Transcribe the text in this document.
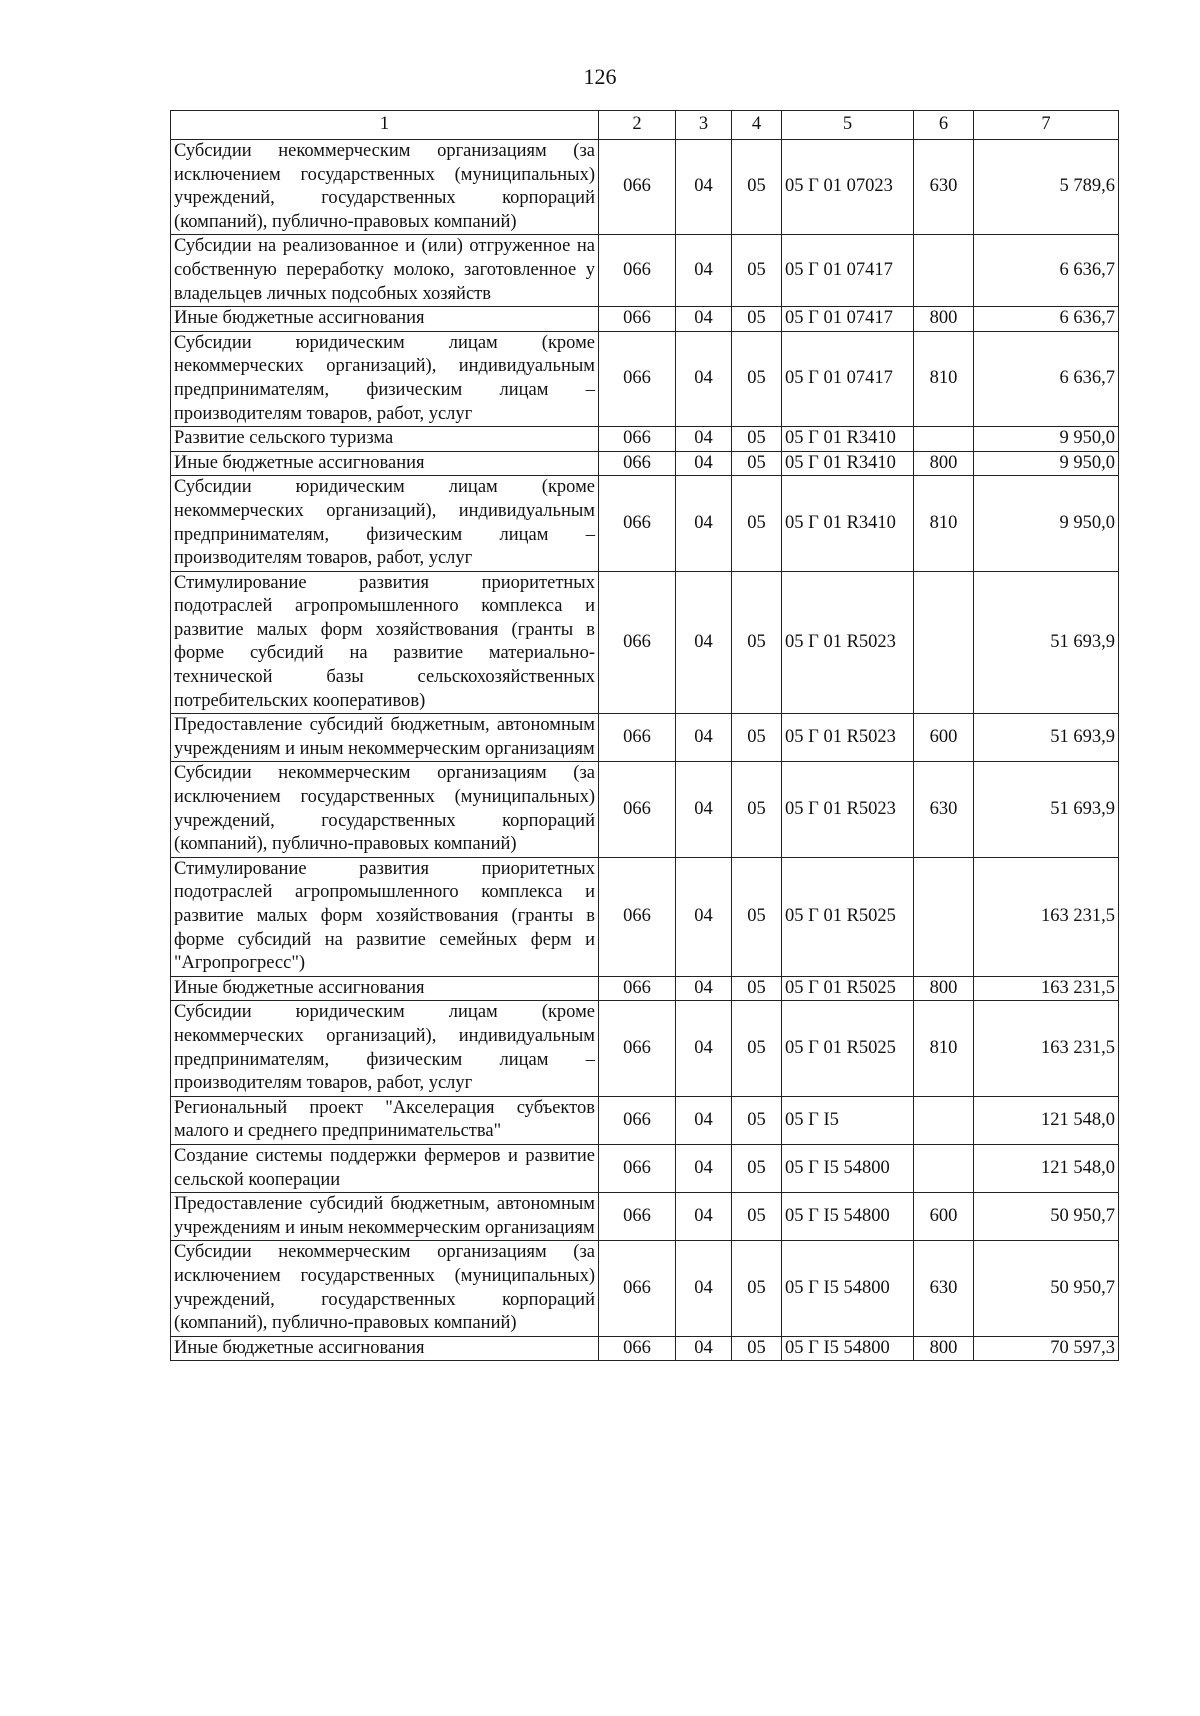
126
1	2	3	4	5	6	7
Субсидии некоммерческим организациям (за исключением государственных (муниципальных) учреждений, государственных корпораций (компаний), публично-правовых компаний)	066	04	05	05 Г 01 07023	630	5 789,6
Субсидии на реализованное и (или) отгруженное на собственную переработку молоко, заготовленное у владельцев личных подсобных хозяйств	066	04	05	05 Г 01 07417		6 636,7
Иные бюджетные ассигнования	066	04	05	05 Г 01 07417	800	6 636,7
Субсидии юридическим лицам (кроме некоммерческих организаций), индивидуальным предпринимателям, физическим лицам – производителям товаров, работ, услуг	066	04	05	05 Г 01 07417	810	6 636,7
Развитие сельского туризма	066	04	05	05 Г 01 R3410		9 950,0
Иные бюджетные ассигнования	066	04	05	05 Г 01 R3410	800	9 950,0
Субсидии юридическим лицам (кроме некоммерческих организаций), индивидуальным предпринимателям, физическим лицам – производителям товаров, работ, услуг	066	04	05	05 Г 01 R3410	810	9 950,0
Стимулирование развития приоритетных подотраслей агропромышленного комплекса и развитие малых форм хозяйствования (гранты в форме субсидий на развитие материально-технической базы сельскохозяйственных потребительских кооперативов)	066	04	05	05 Г 01 R5023		51 693,9
Предоставление субсидий бюджетным, автономным учреждениям и иным некоммерческим организациям	066	04	05	05 Г 01 R5023	600	51 693,9
Субсидии некоммерческим организациям (за исключением государственных (муниципальных) учреждений, государственных корпораций (компаний), публично-правовых компаний)	066	04	05	05 Г 01 R5023	630	51 693,9
Стимулирование развития приоритетных подотраслей агропромышленного комплекса и развитие малых форм хозяйствования (гранты в форме субсидий на развитие семейных ферм и "Агропрогресс")	066	04	05	05 Г 01 R5025		163 231,5
Иные бюджетные ассигнования	066	04	05	05 Г 01 R5025	800	163 231,5
Субсидии юридическим лицам (кроме некоммерческих организаций), индивидуальным предпринимателям, физическим лицам – производителям товаров, работ, услуг	066	04	05	05 Г 01 R5025	810	163 231,5
Региональный проект "Акселерация субъектов малого и среднего предпринимательства"	066	04	05	05 Г I5		121 548,0
Создание системы поддержки фермеров и развитие сельской кооперации	066	04	05	05 Г I5 54800		121 548,0
Предоставление субсидий бюджетным, автономным учреждениям и иным некоммерческим организациям	066	04	05	05 Г I5 54800	600	50 950,7
Субсидии некоммерческим организациям (за исключением государственных (муниципальных) учреждений, государственных корпораций (компаний), публично-правовых компаний)	066	04	05	05 Г I5 54800	630	50 950,7
Иные бюджетные ассигнования	066	04	05	05 Г I5 54800	800	70 597,3
